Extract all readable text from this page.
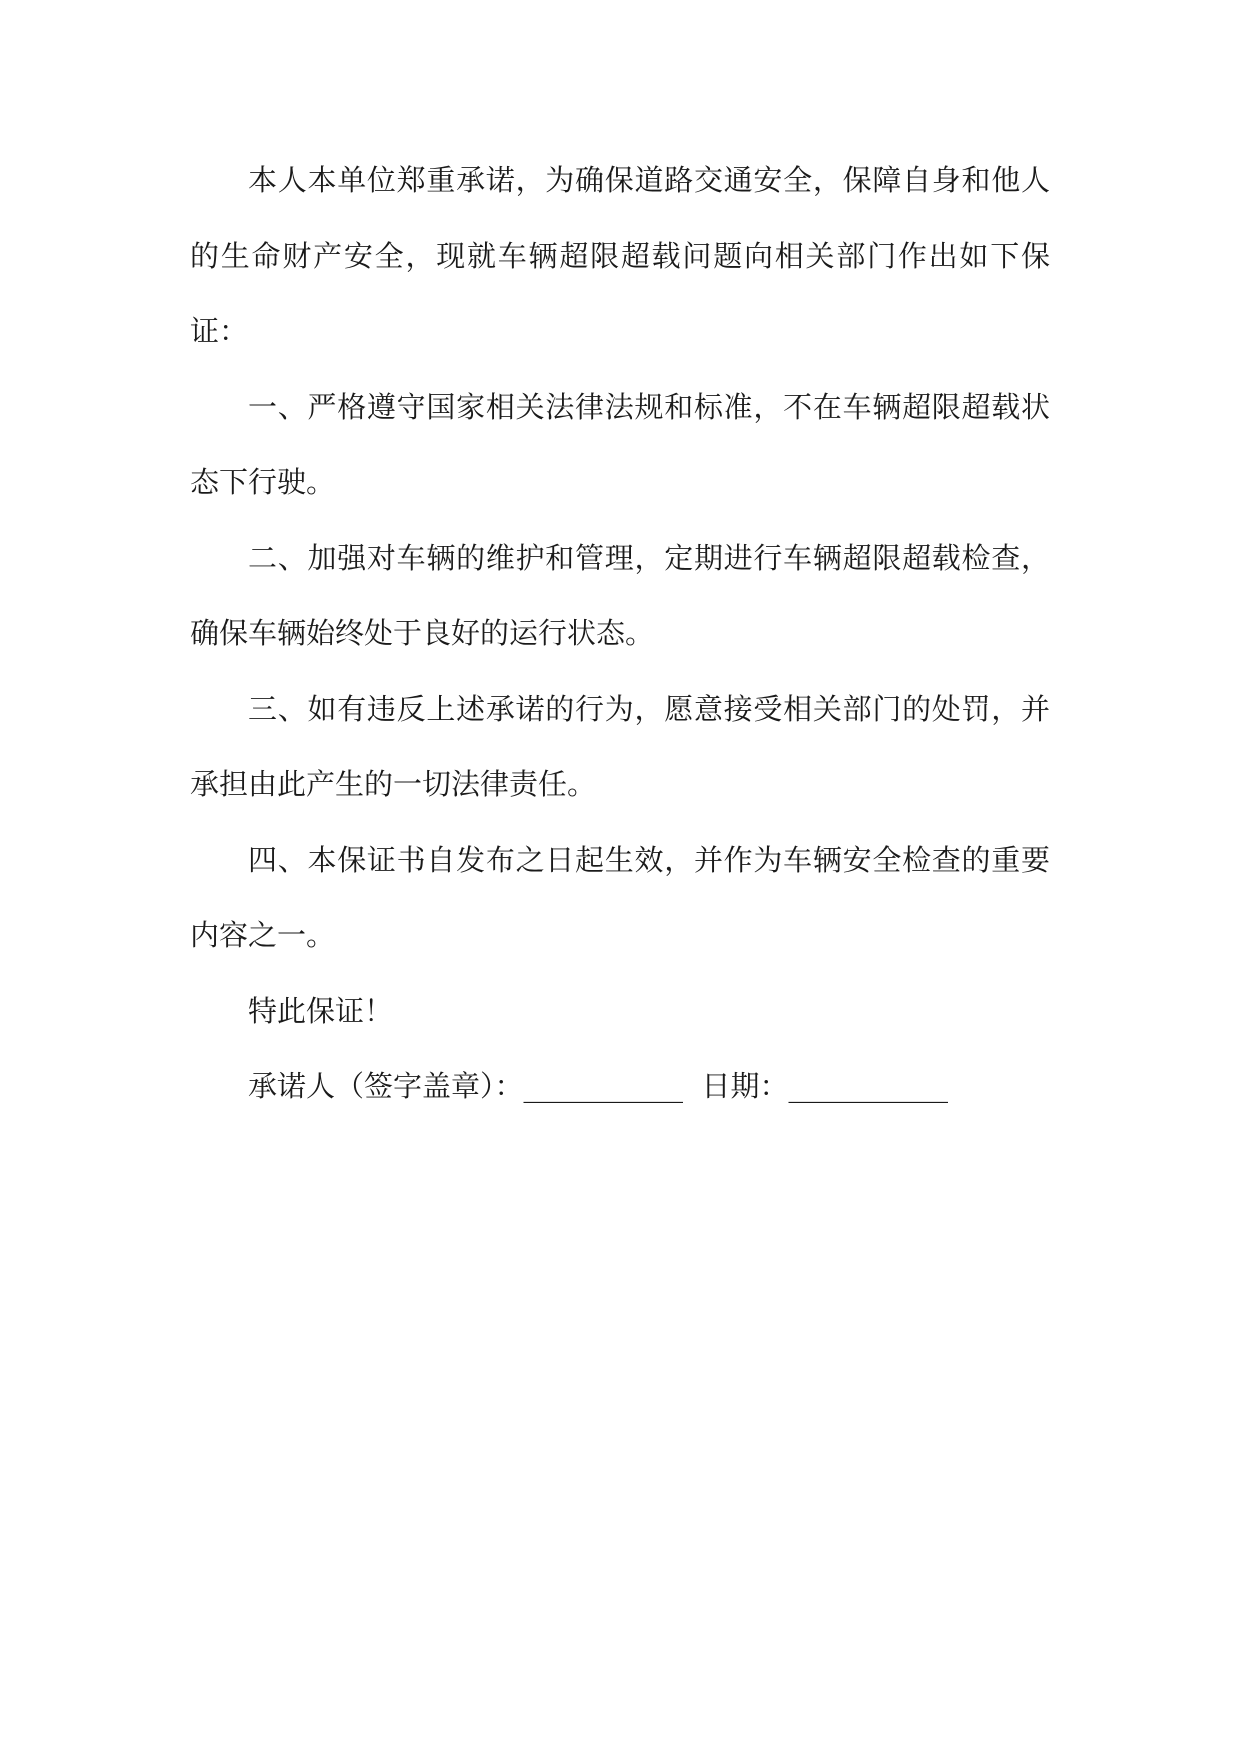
本人本单位郑重承诺，为确保道路交通安全，保障自身和他人的生命财产安全，现就车辆超限超载问题向相关部门作出如下保证：

一、严格遵守国家相关法律法规和标准，不在车辆超限超载状态下行驶。

二、加强对车辆的维护和管理，定期进行车辆超限超载检查，确保车辆始终处于良好的运行状态。

三、如有违反上述承诺的行为，愿意接受相关部门的处罚，并承担由此产生的一切法律责任。

四、本保证书自发布之日起生效，并作为车辆安全检查的重要内容之一。

特此保证！

承诺人（签字盖章）：___________ 日期：___________
